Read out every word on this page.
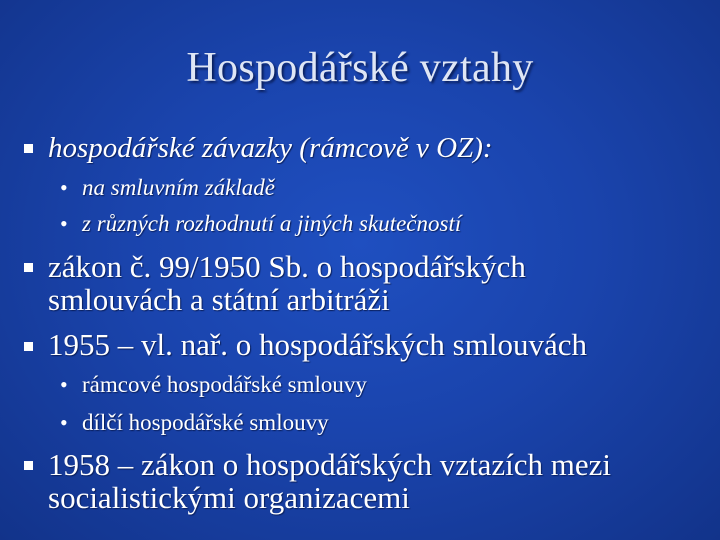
Hospodářské vztahy
hospodářské závazky (rámcově v OZ):
• na smluvním základě
• z různých rozhodnutí a jiných skutečností
zákon č. 99/1950 Sb. o hospodářských
smlouvách a státní arbitráži
1955 – vl. nař. o hospodářských smlouvách
• rámcové hospodářské smlouvy
• dílčí hospodářské smlouvy
1958 – zákon o hospodářských vztazích mezi
socialistickými organizacemi
